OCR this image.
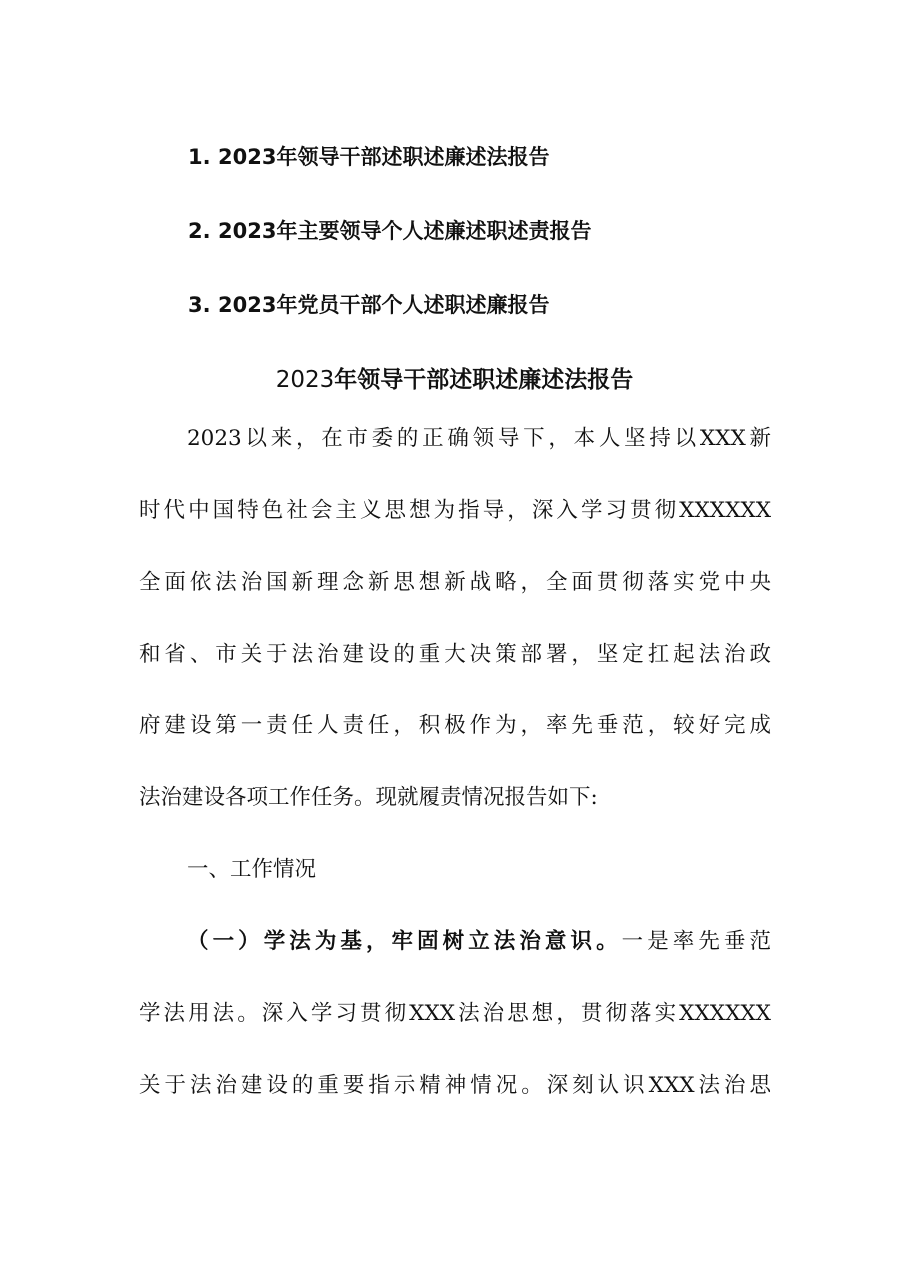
1. 2023年领导干部述职述廉述法报告
2. 2023年主要领导个人述廉述职述责报告
3. 2023年党员干部个人述职述廉报告
2023年领导干部述职述廉述法报告
2023以来，在市委的正确领导下，本人坚持以XXX新
时代中国特色社会主义思想为指导，深入学习贯彻XXXXXX
全面依法治国新理念新思想新战略，全面贯彻落实党中央
和省、市关于法治建设的重大决策部署，坚定扛起法治政
府建设第一责任人责任，积极作为，率先垂范，较好完成
法治建设各项工作任务。现就履责情况报告如下:
一、工作情况
（一）学法为基，牢固树立法治意识。一是率先垂范
学法用法。深入学习贯彻XXX法治思想，贯彻落实XXXXXX
关于法治建设的重要指示精神情况。深刻认识XXX法治思
